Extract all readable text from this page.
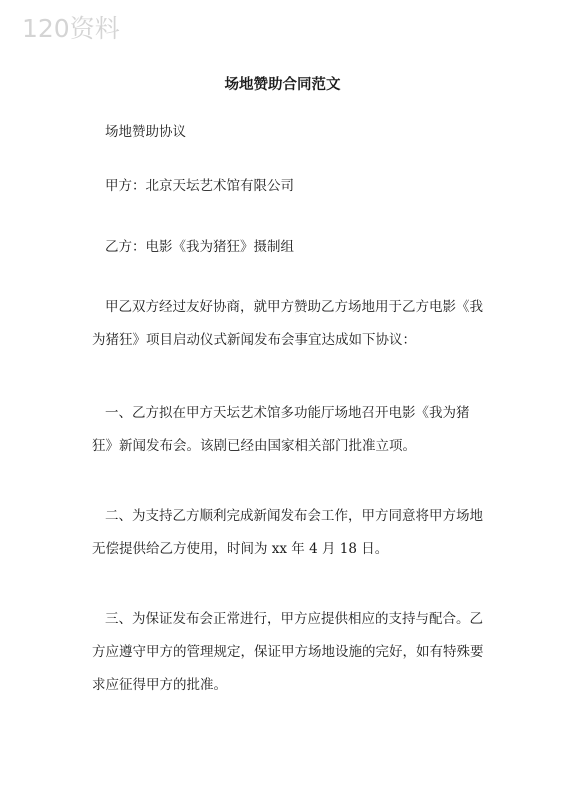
120资料
场地赞助合同范文
场地赞助协议
甲方：北京天坛艺术馆有限公司
乙方：电影《我为猪狂》摄制组
甲乙双方经过友好协商，就甲方赞助乙方场地用于乙方电影《我
为猪狂》项目启动仪式新闻发布会事宜达成如下协议：
一、乙方拟在甲方天坛艺术馆多功能厅场地召开电影《我为猪
狂》新闻发布会。该剧已经由国家相关部门批准立项。
二、为支持乙方顺利完成新闻发布会工作，甲方同意将甲方场地
无偿提供给乙方使用，时间为 xx 年 4 月 18 日。
三、为保证发布会正常进行，甲方应提供相应的支持与配合。乙
方应遵守甲方的管理规定，保证甲方场地设施的完好，如有特殊要
求应征得甲方的批准。
